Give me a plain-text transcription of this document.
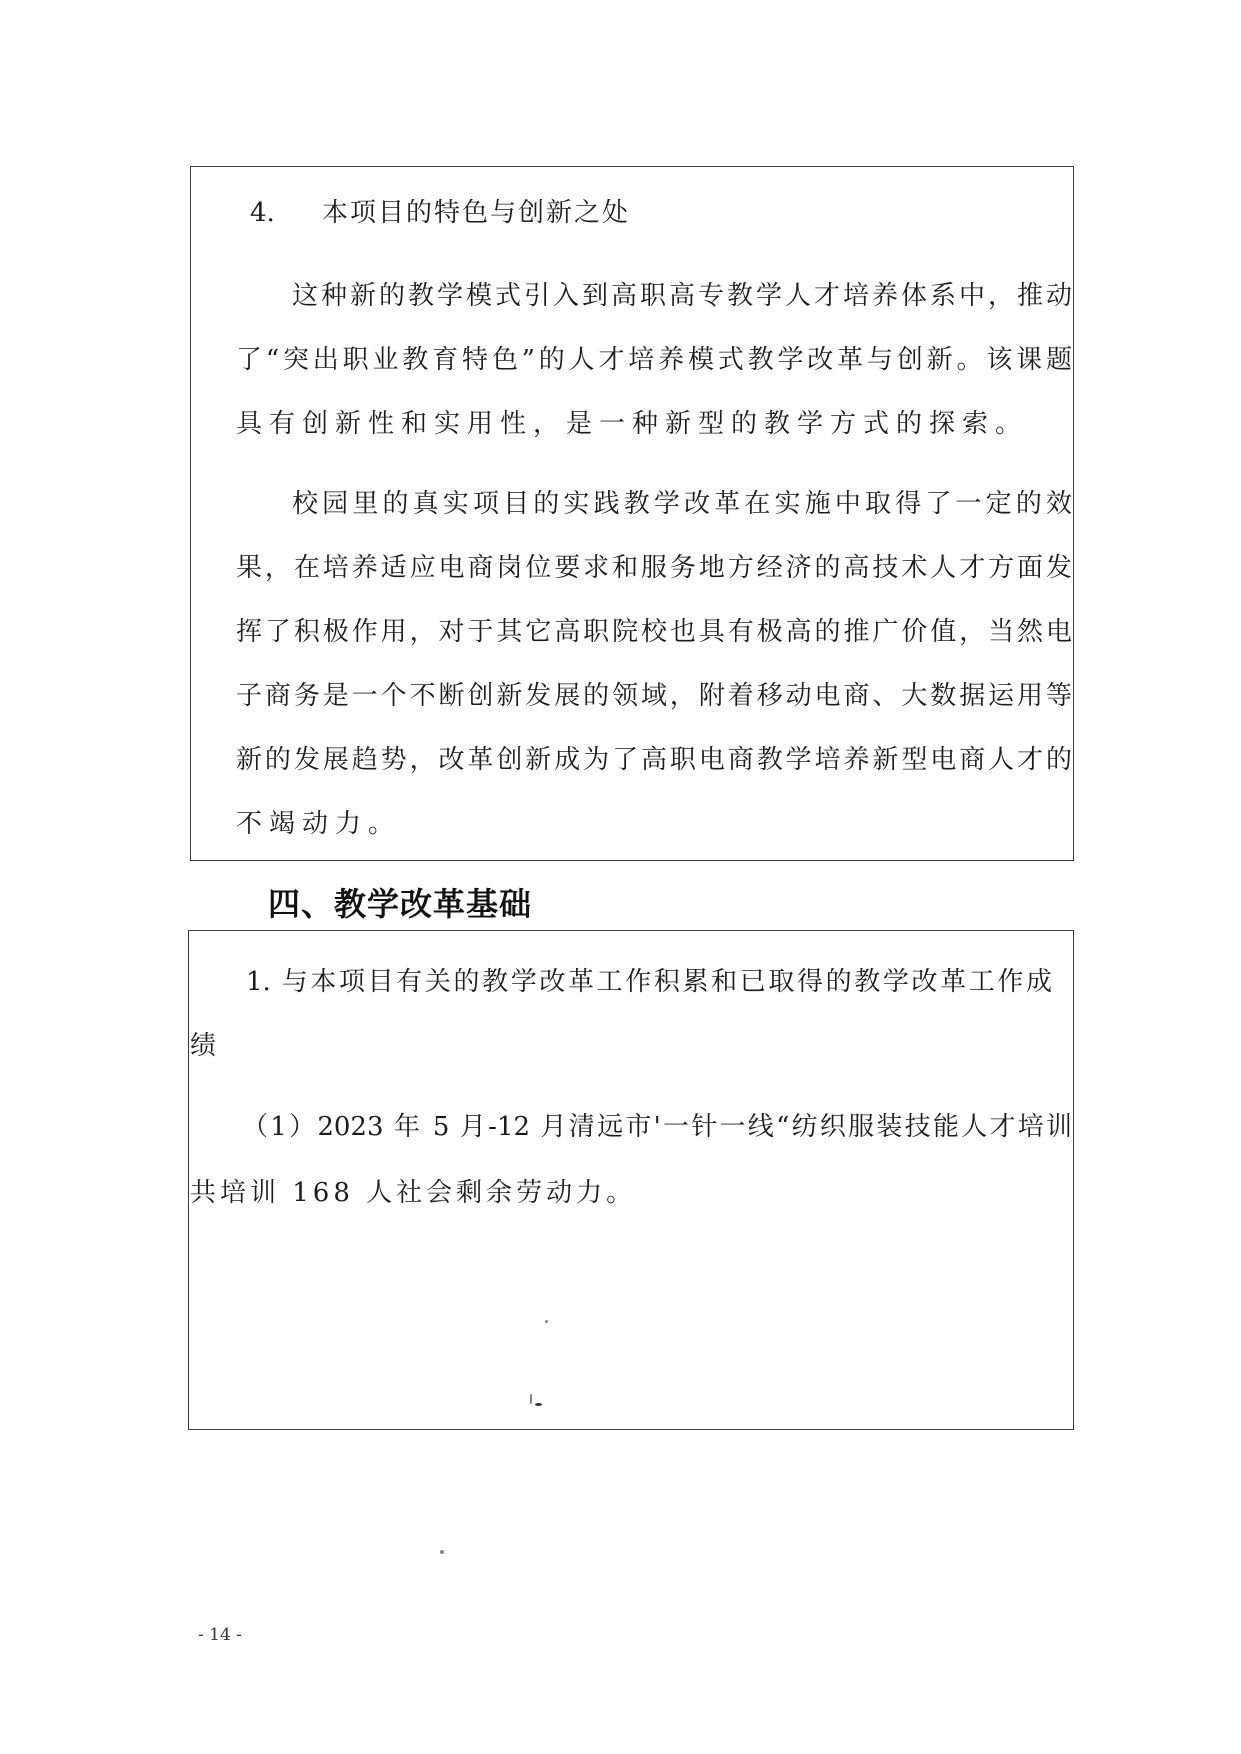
4. 本项目的特色与创新之处
这种新的教学模式引入到高职高专教学人才培养体系中，推动
了“突出职业教育特色”的人才培养模式教学改革与创新。该课题
具有创新性和实用性，是一种新型的教学方式的探索。
校园里的真实项目的实践教学改革在实施中取得了一定的效
果，在培养适应电商岗位要求和服务地方经济的高技术人才方面发
挥了积极作用，对于其它高职院校也具有极高的推广价值，当然电
子商务是一个不断创新发展的领域，附着移动电商、大数据运用等
新的发展趋势，改革创新成为了高职电商教学培养新型电商人才的
不竭动力。
四、教学改革基础
1. 与本项目有关的教学改革工作积累和已取得的教学改革工作成
绩
（1）2023 年 5 月-12 月清远市'一针一线“纺织服装技能人才培训
共培训 168 人社会剩余劳动力。
- 14 -
